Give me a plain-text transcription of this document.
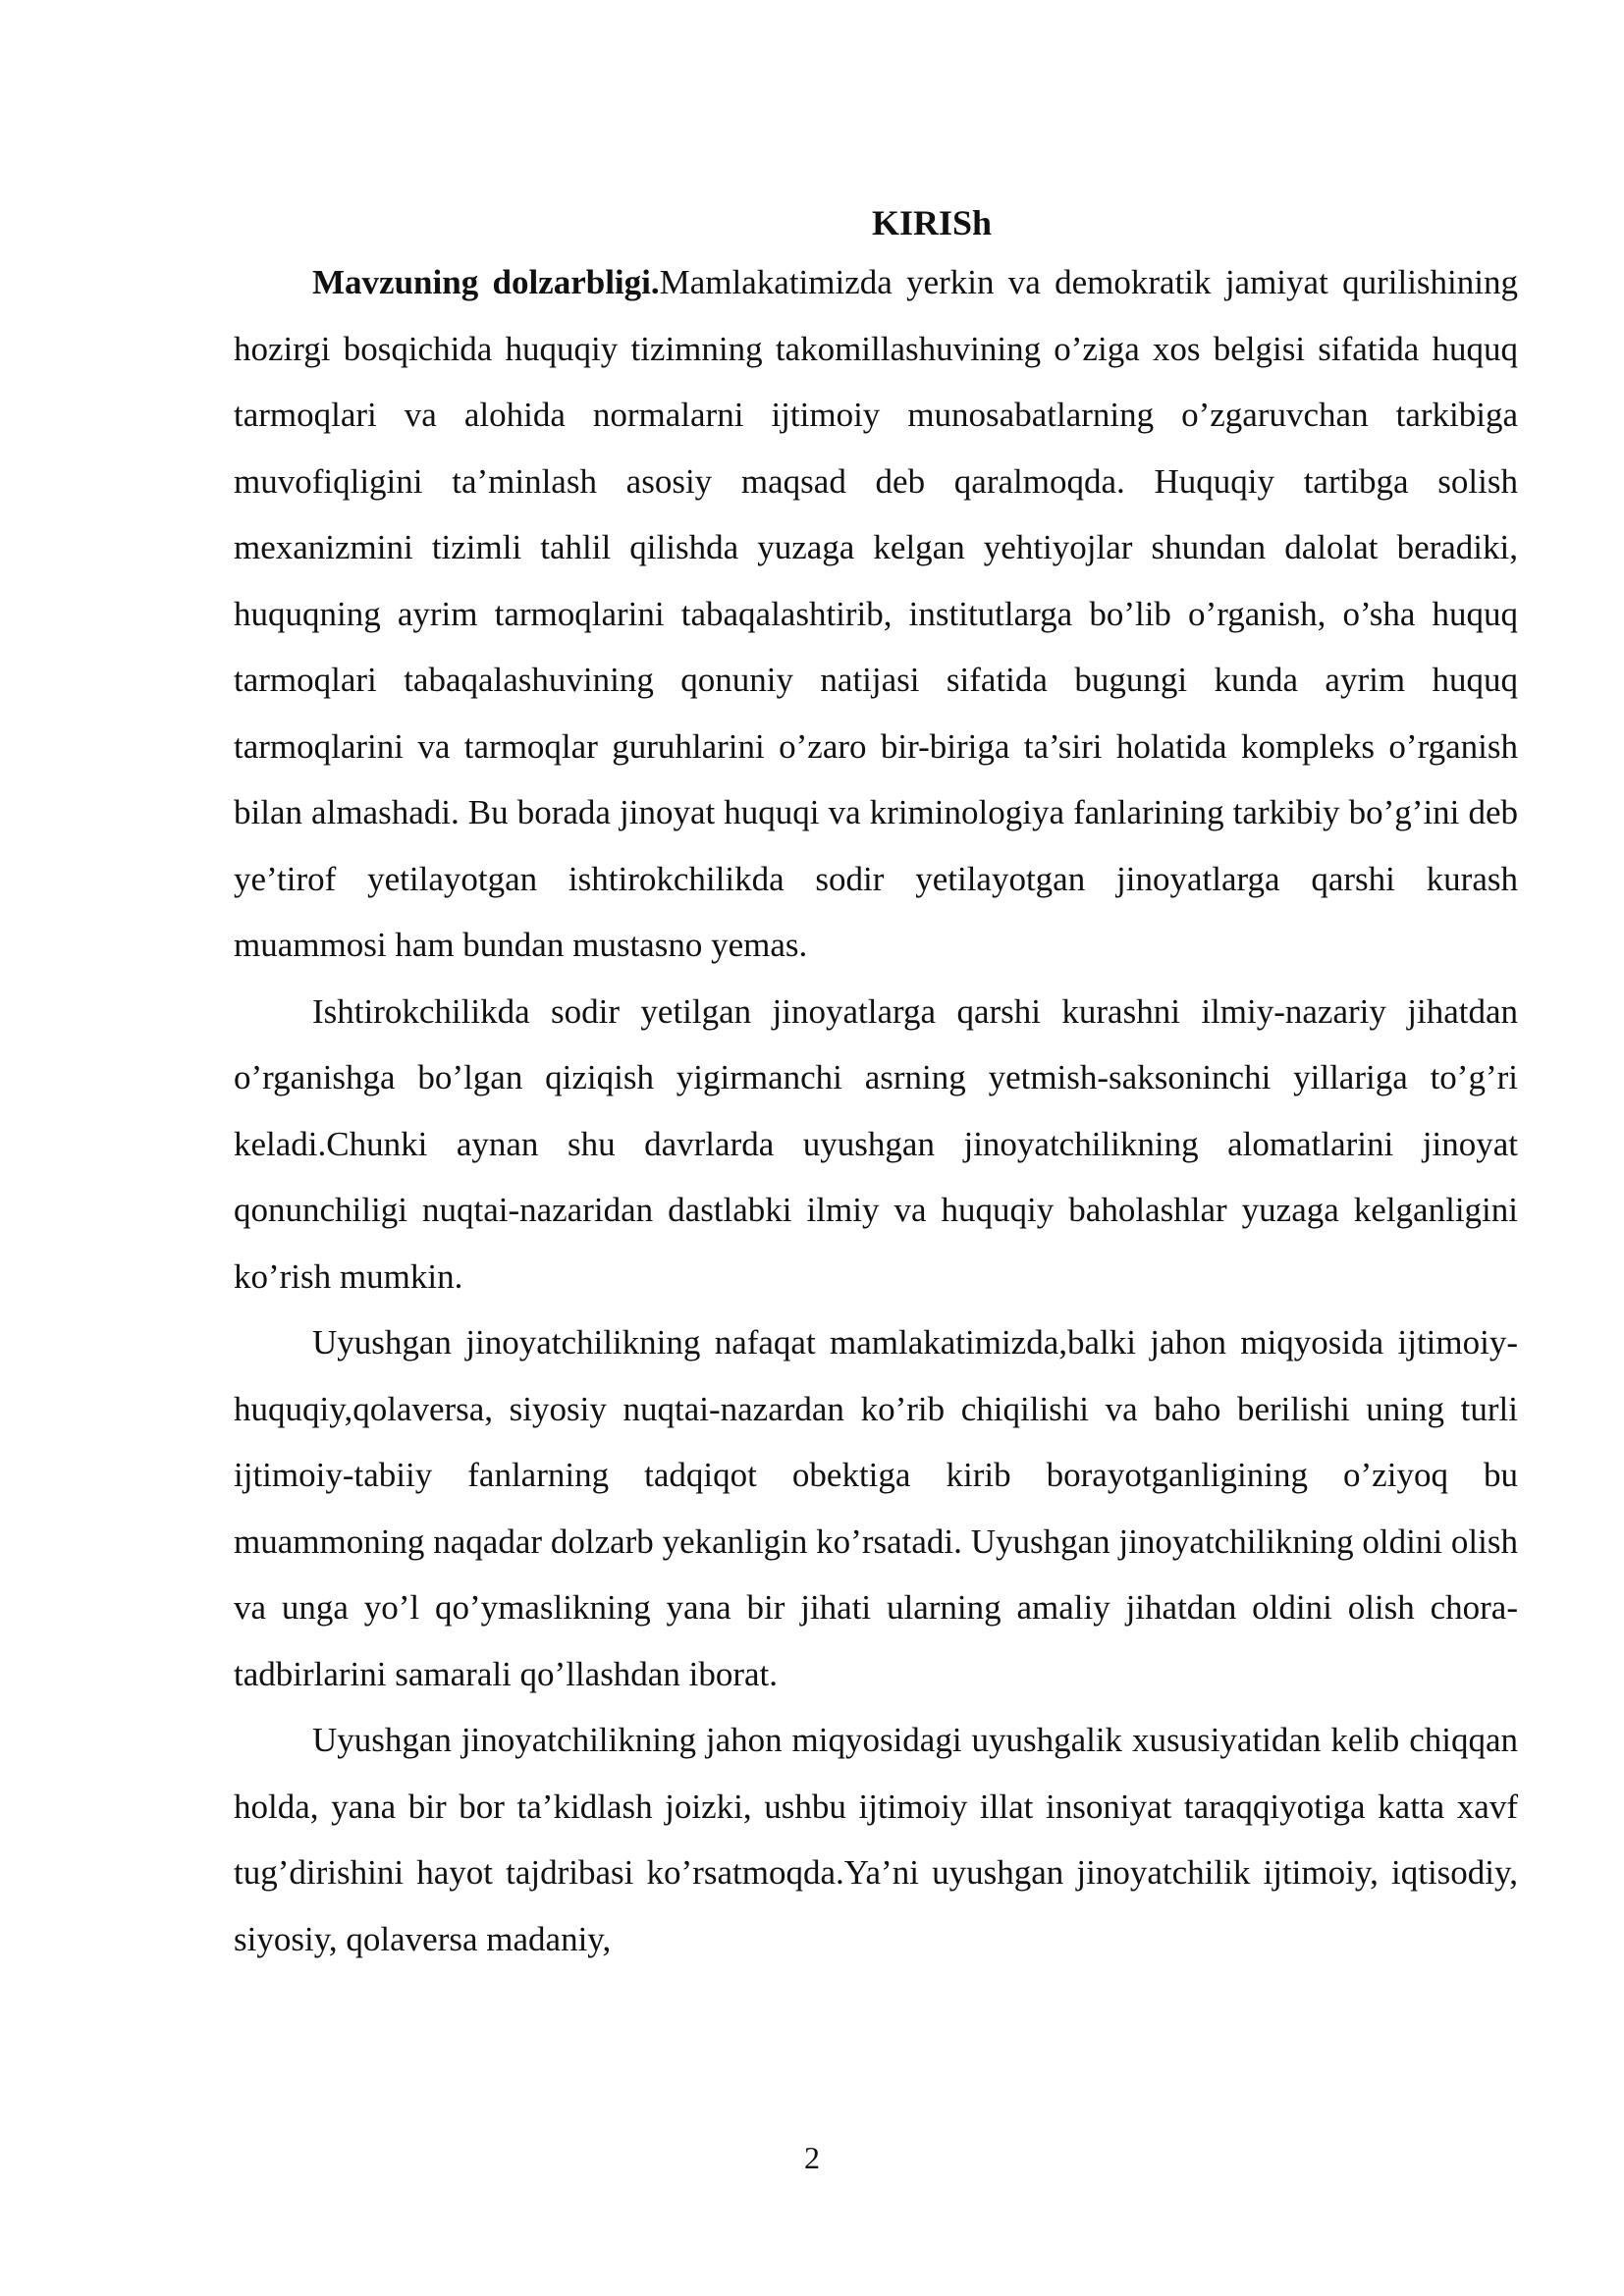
KIRISh

Mavzuning dolzarbligi.Mamlakatimizda yerkin va demokratik jamiyat qurilishining hozirgi bosqichida huquqiy tizimning takomillashuvining o’ziga xos belgisi sifatida huquq tarmoqlari va alohida normalarni ijtimoiy munosabatlarning o’zgaruvchan tarkibiga muvofiqligini ta’minlash asosiy maqsad deb qaralmoqda. Huquqiy tartibga solish mexanizmini tizimli tahlil qilishda yuzaga kelgan yehtiyojlar shundan dalolat beradiki, huquqning ayrim tarmoqlarini tabaqalashtirib, institutlarga bo’lib o’rganish, o’sha huquq tarmoqlari tabaqalashuvining qonuniy natijasi sifatida bugungi kunda ayrim huquq tarmoqlarini va tarmoqlar guruhlarini o’zaro bir-biriga ta’siri holatida kompleks o’rganish bilan almashadi. Bu borada jinoyat huquqi va kriminologiya fanlarining tarkibiy bo’g’ini deb ye’tirof yetilayotgan ishtirokchilikda sodir yetilayotgan jinoyatlarga qarshi kurash muammosi ham bundan mustasno yemas.

Ishtirokchilikda sodir yetilgan jinoyatlarga qarshi kurashni ilmiy-nazariy jihatdan o’rganishga bo’lgan qiziqish yigirmanchi asrning yetmish-saksoninchi yillariga to’g’ri keladi.Chunki aynan shu davrlarda uyushgan jinoyatchilikning alomatlarini jinoyat qonunchiligi nuqtai-nazaridan dastlabki ilmiy va huquqiy baholashlar yuzaga kelganligini ko’rish mumkin.

Uyushgan jinoyatchilikning nafaqat mamlakatimizda,balki jahon miqyosida ijtimoiy-huquqiy,qolaversa, siyosiy nuqtai-nazardan ko’rib chiqilishi va baho berilishi uning turli ijtimoiy-tabiiy fanlarning tadqiqot obektiga kirib borayotganligining o’ziyoq bu muammoning naqadar dolzarb yekanligin ko’rsatadi. Uyushgan jinoyatchilikning oldini olish va unga yo’l qo’ymaslikning yana bir jihati ularning amaliy jihatdan oldini olish chora-tadbirlarini samarali qo’llashdan iborat.

Uyushgan jinoyatchilikning jahon miqyosidagi uyushgalik xususiyatidan kelib chiqqan holda, yana bir bor ta’kidlash joizki, ushbu ijtimoiy illat insoniyat taraqqiyotiga katta xavf tug’dirishini hayot tajdribasi ko’rsatmoqda.Ya’ni uyushgan jinoyatchilik ijtimoiy, iqtisodiy, siyosiy, qolaversa madaniy,

2
